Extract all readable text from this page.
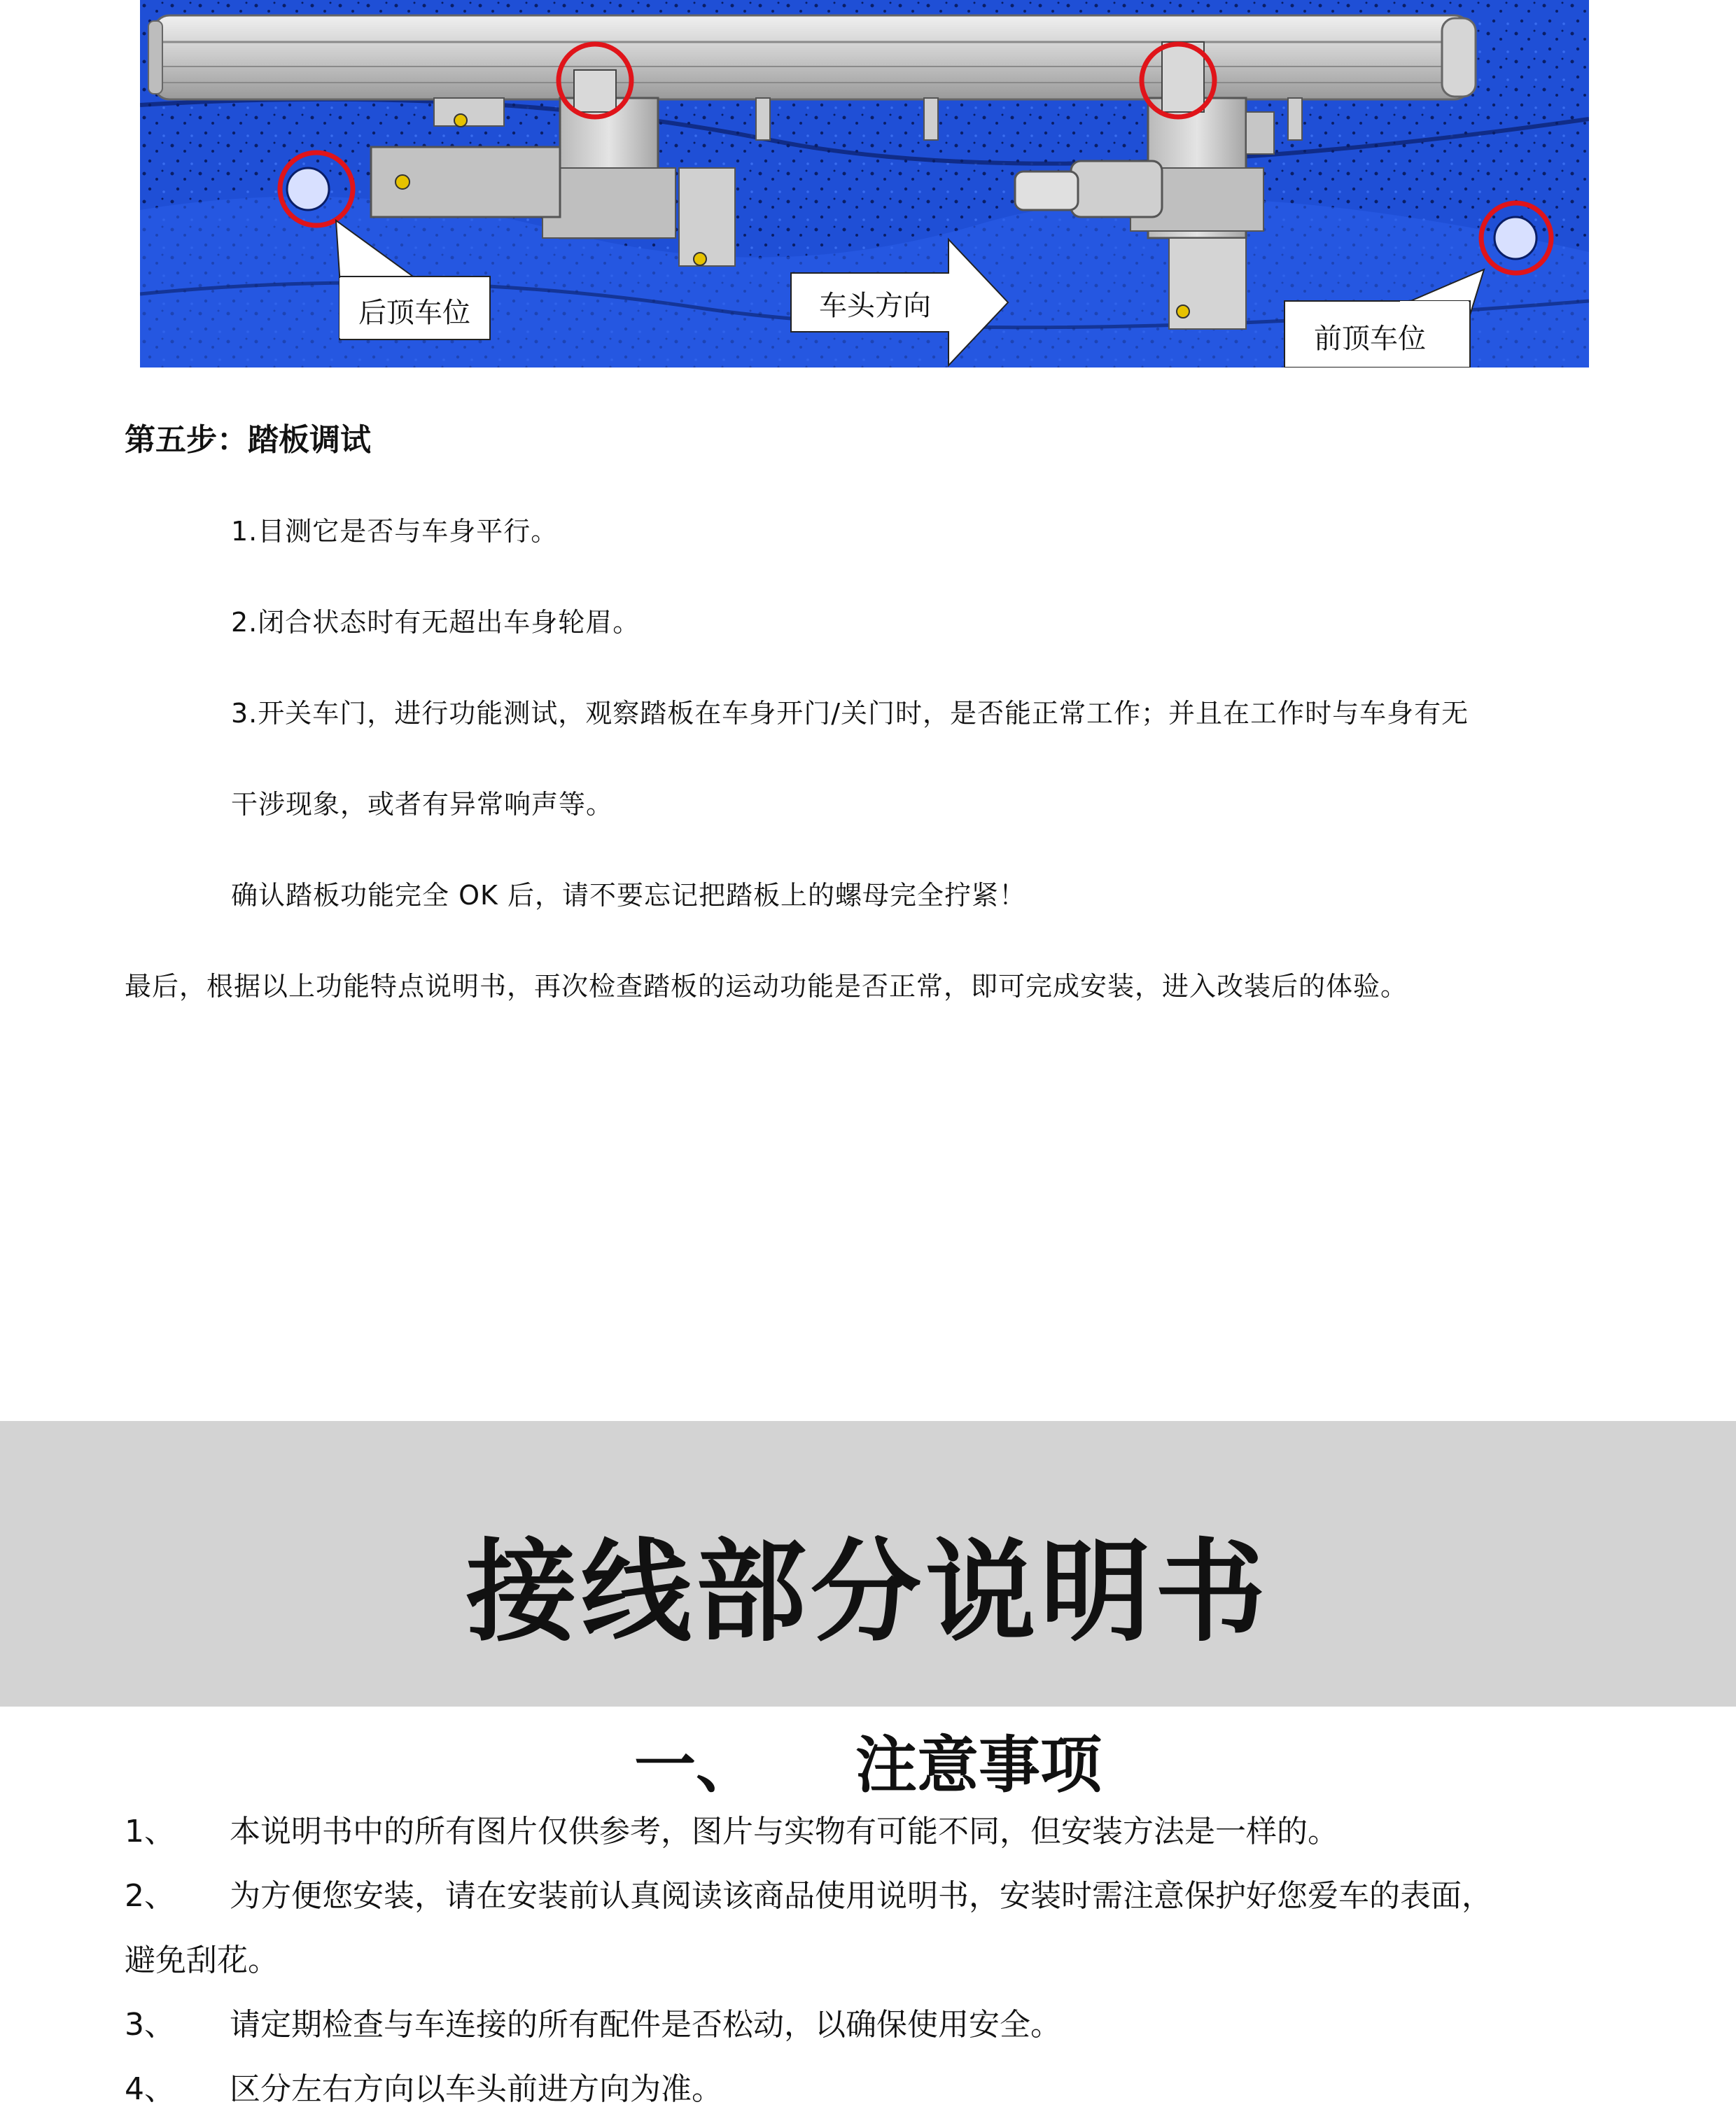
后顶车位	车头方向
前顶车位
第五步：踏板调试
1.目测它是否与车身平行。
2.闭合状态时有无超出车身轮眉。
3.开关车门，进行功能测试，观察踏板在车身开门/关门时，是否能正常工作；并且在工作时与车身有无
干涉现象，或者有异常响声等。
确认踏板功能完全 OK 后，请不要忘记把踏板上的螺母完全拧紧！
最后，根据以上功能特点说明书，再次检查踏板的运动功能是否正常，即可完成安装，进入改装后的体验。
接线部分说明书
一、 注意事项
1、 本说明书中的所有图片仅供参考，图片与实物有可能不同，但安装方法是一样的。
2、 为方便您安装，请在安装前认真阅读该商品使用说明书，安装时需注意保护好您爱车的表面，
避免刮花。
3、 请定期检查与车连接的所有配件是否松动，以确保使用安全。
4、 区分左右方向以车头前进方向为准。
